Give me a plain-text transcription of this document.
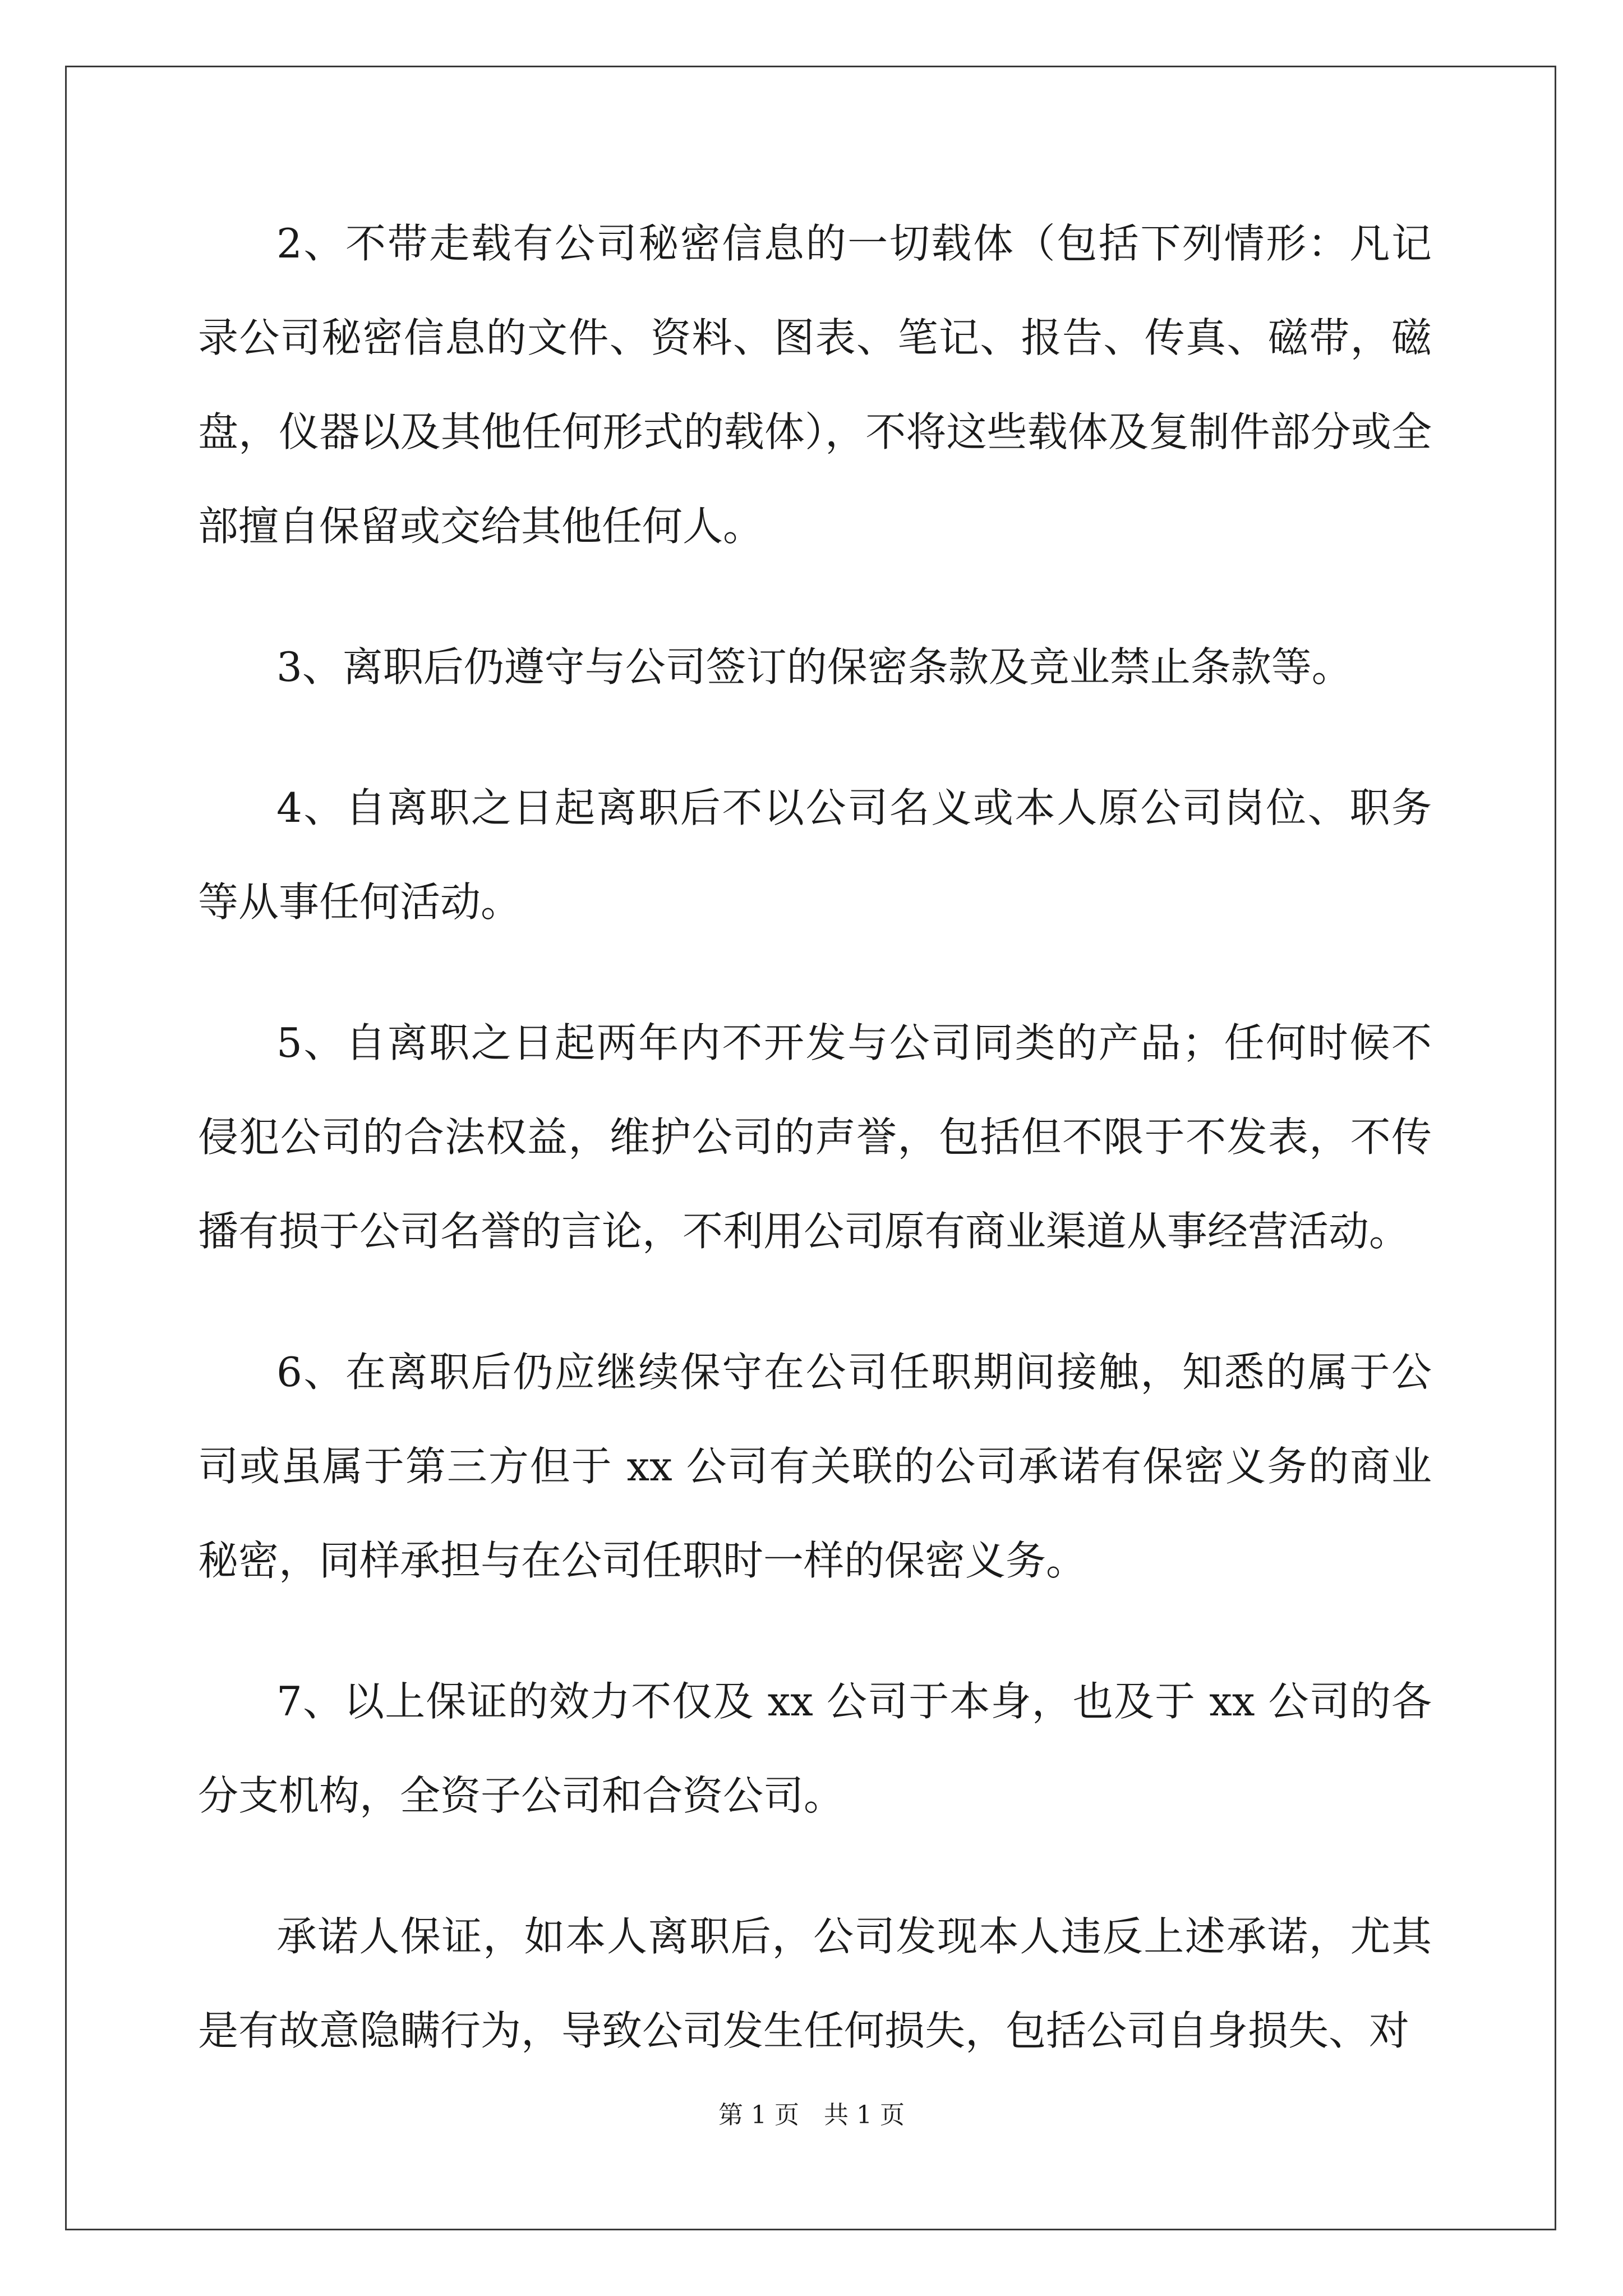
2、不带走载有公司秘密信息的一切载体（包括下列情形：凡记录公司秘密信息的文件、资料、图表、笔记、报告、传真、磁带，磁盘，仪器以及其他任何形式的载体），不将这些载体及复制件部分或全部擅自保留或交给其他任何人。

3、离职后仍遵守与公司签订的保密条款及竞业禁止条款等。

4、自离职之日起离职后不以公司名义或本人原公司岗位、职务等从事任何活动。

5、自离职之日起两年内不开发与公司同类的产品；任何时候不侵犯公司的合法权益，维护公司的声誉，包括但不限于不发表，不传播有损于公司名誉的言论，不利用公司原有商业渠道从事经营活动。

6、在离职后仍应继续保守在公司任职期间接触，知悉的属于公司或虽属于第三方但于 xx 公司有关联的公司承诺有保密义务的商业秘密，同样承担与在公司任职时一样的保密义务。

7、以上保证的效力不仅及 xx 公司于本身，也及于 xx 公司的各分支机构，全资子公司和合资公司。

承诺人保证，如本人离职后，公司发现本人违反上述承诺，尤其是有故意隐瞒行为，导致公司发生任何损失，包括公司自身损失、对

第 1 页 共 1 页
